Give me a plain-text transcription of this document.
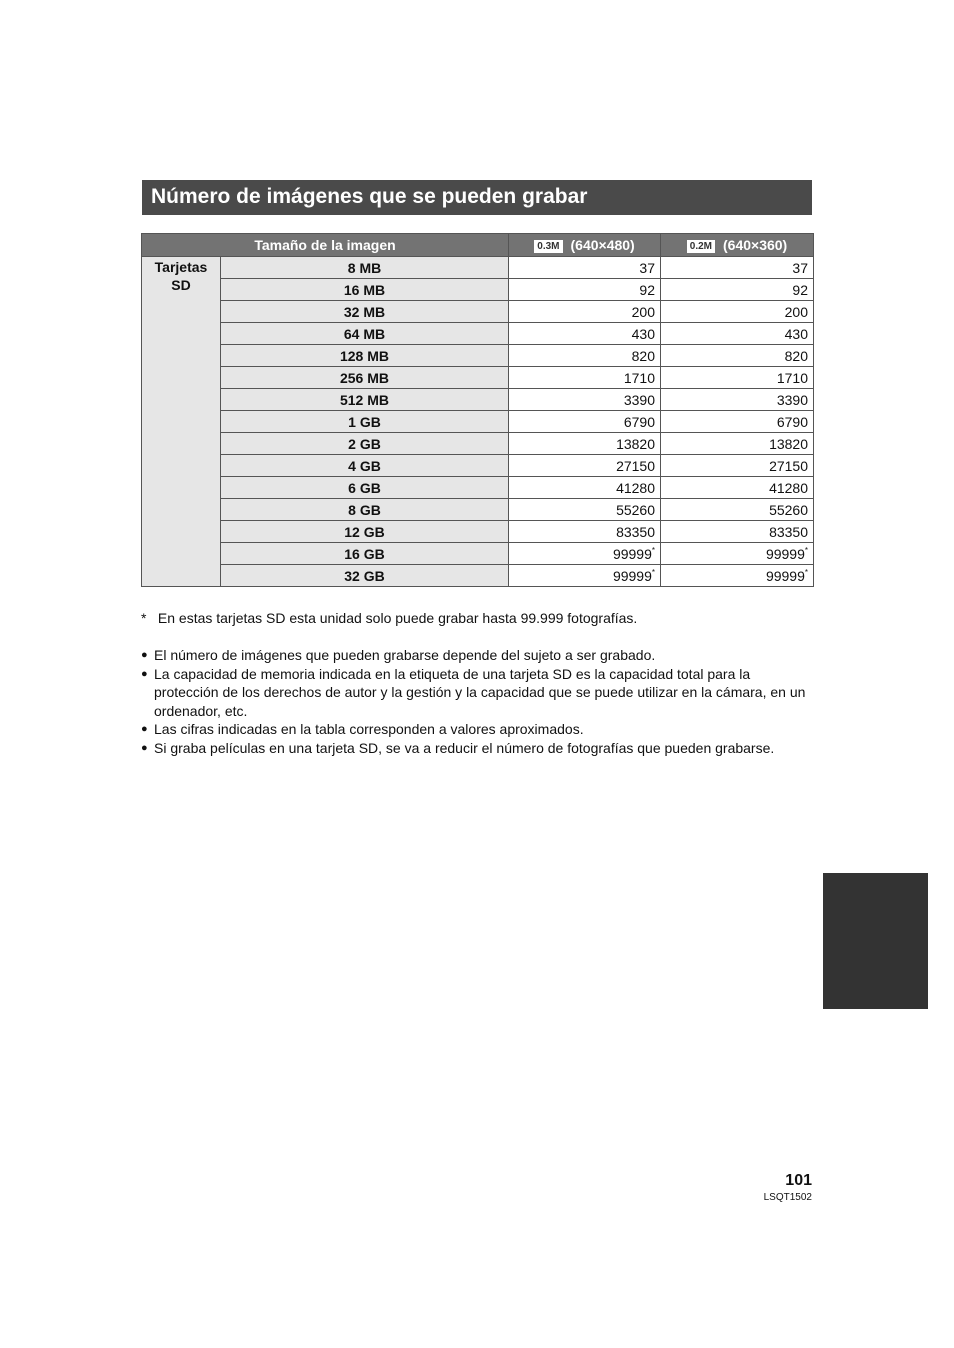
Número de imágenes que se pueden grabar
Tamaño de la imagen		0.3M (640×480)	0.2M (640×360)
Tarjetas SD	8 MB	37	37
	16 MB	92	92
	32 MB	200	200
	64 MB	430	430
	128 MB	820	820
	256 MB	1710	1710
	512 MB	3390	3390
	1 GB	6790	6790
	2 GB	13820	13820
	4 GB	27150	27150
	6 GB	41280	41280
	8 GB	55260	55260
	12 GB	83350	83350
	16 GB	99999*	99999*
	32 GB	99999*	99999*
* En estas tarjetas SD esta unidad solo puede grabar hasta 99.999 fotografías.
● El número de imágenes que pueden grabarse depende del sujeto a ser grabado.
● La capacidad de memoria indicada en la etiqueta de una tarjeta SD es la capacidad total para la protección de los derechos de autor y la gestión y la capacidad que se puede utilizar en la cámara, en un ordenador, etc.
● Las cifras indicadas en la tabla corresponden a valores aproximados.
● Si graba películas en una tarjeta SD, se va a reducir el número de fotografías que pueden grabarse.
101
LSQT1502
